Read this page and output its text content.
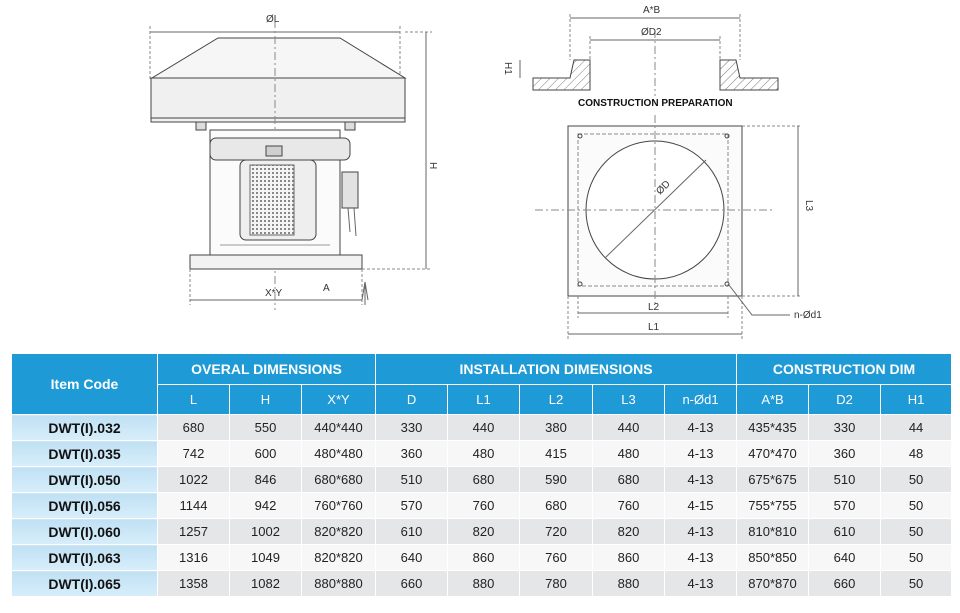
ØL
H
X*Y	A
A*B
ØD2
H1
CONSTRUCTION PREPARATION
ØD
L3
L2
L1
n-Ød1
Item Code	OVERAL DIMENSIONS			INSTALLATION DIMENSIONS					CONSTRUCTION DIM		
	L	H	X*Y	D	L1	L2	L3	n-Ød1	A*B	D2	H1
DWT(I).032	680	550	440*440	330	440	380	440	4-13	435*435	330	44
DWT(I).035	742	600	480*480	360	480	415	480	4-13	470*470	360	48
DWT(I).050	1022	846	680*680	510	680	590	680	4-13	675*675	510	50
DWT(I).056	1144	942	760*760	570	760	680	760	4-15	755*755	570	50
DWT(I).060	1257	1002	820*820	610	820	720	820	4-13	810*810	610	50
DWT(I).063	1316	1049	820*820	640	860	760	860	4-13	850*850	640	50
DWT(I).065	1358	1082	880*880	660	880	780	880	4-13	870*870	660	50
